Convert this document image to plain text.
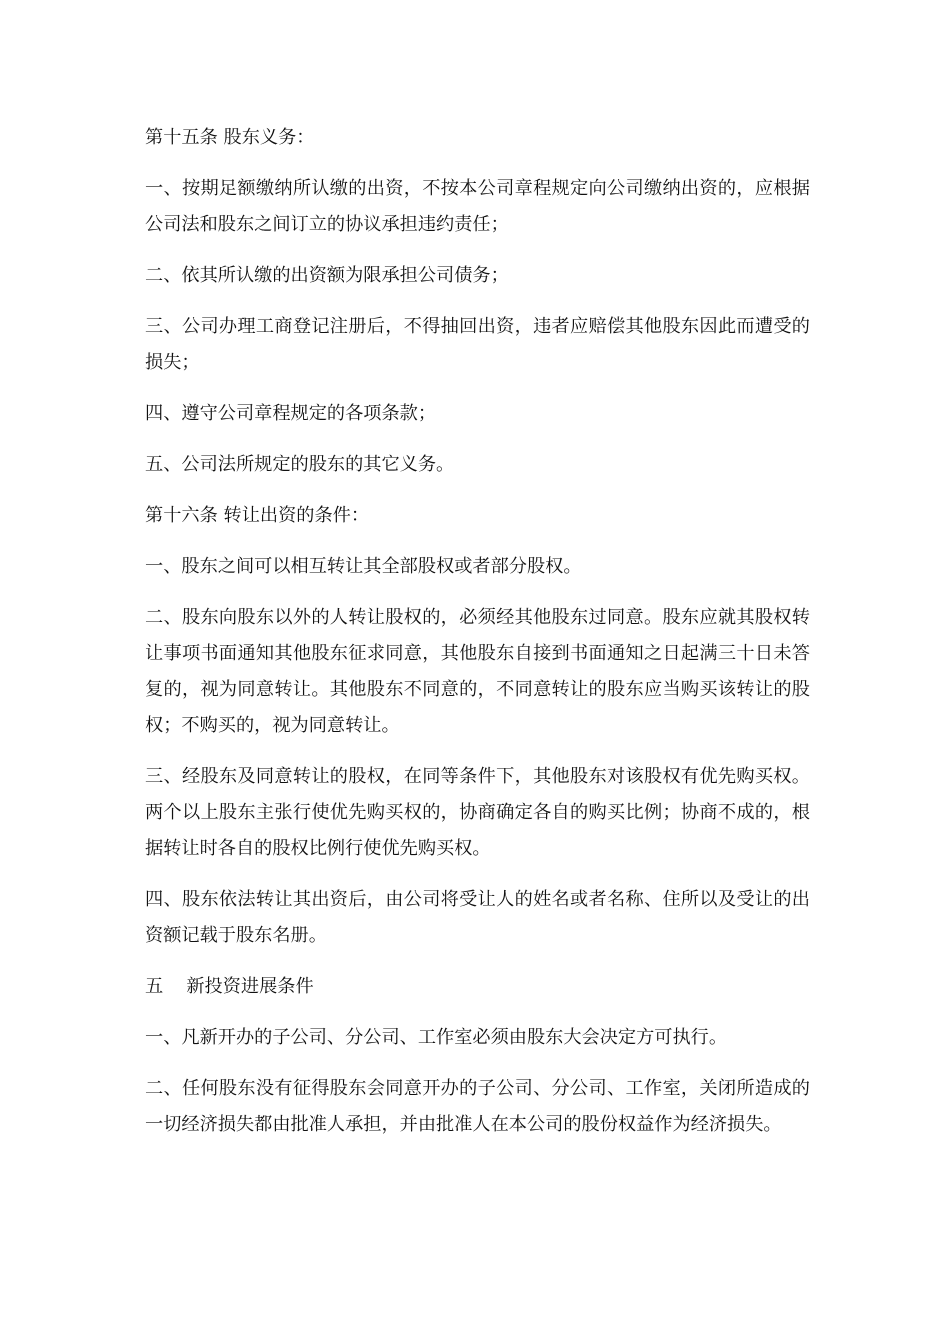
第十五条 股东义务：

一、按期足额缴纳所认缴的出资，不按本公司章程规定向公司缴纳出资的，应根据公司法和股东之间订立的协议承担违约责任；

二、依其所认缴的出资额为限承担公司债务；

三、公司办理工商登记注册后，不得抽回出资，违者应赔偿其他股东因此而遭受的损失；

四、遵守公司章程规定的各项条款；

五、公司法所规定的股东的其它义务。

第十六条 转让出资的条件：

一、股东之间可以相互转让其全部股权或者部分股权。

二、股东向股东以外的人转让股权的，必须经其他股东过同意。股东应就其股权转让事项书面通知其他股东征求同意，其他股东自接到书面通知之日起满三十日未答复的，视为同意转让。其他股东不同意的，不同意转让的股东应当购买该转让的股权；不购买的，视为同意转让。

三、经股东及同意转让的股权，在同等条件下，其他股东对该股权有优先购买权。两个以上股东主张行使优先购买权的，协商确定各自的购买比例；协商不成的，根据转让时各自的股权比例行使优先购买权。

四、股东依法转让其出资后，由公司将受让人的姓名或者名称、住所以及受让的出资额记载于股东名册。

五    新投资进展条件

一、凡新开办的子公司、分公司、工作室必须由股东大会决定方可执行。

二、任何股东没有征得股东会同意开办的子公司、分公司、工作室，关闭所造成的一切经济损失都由批准人承担，并由批准人在本公司的股份权益作为经济损失。
